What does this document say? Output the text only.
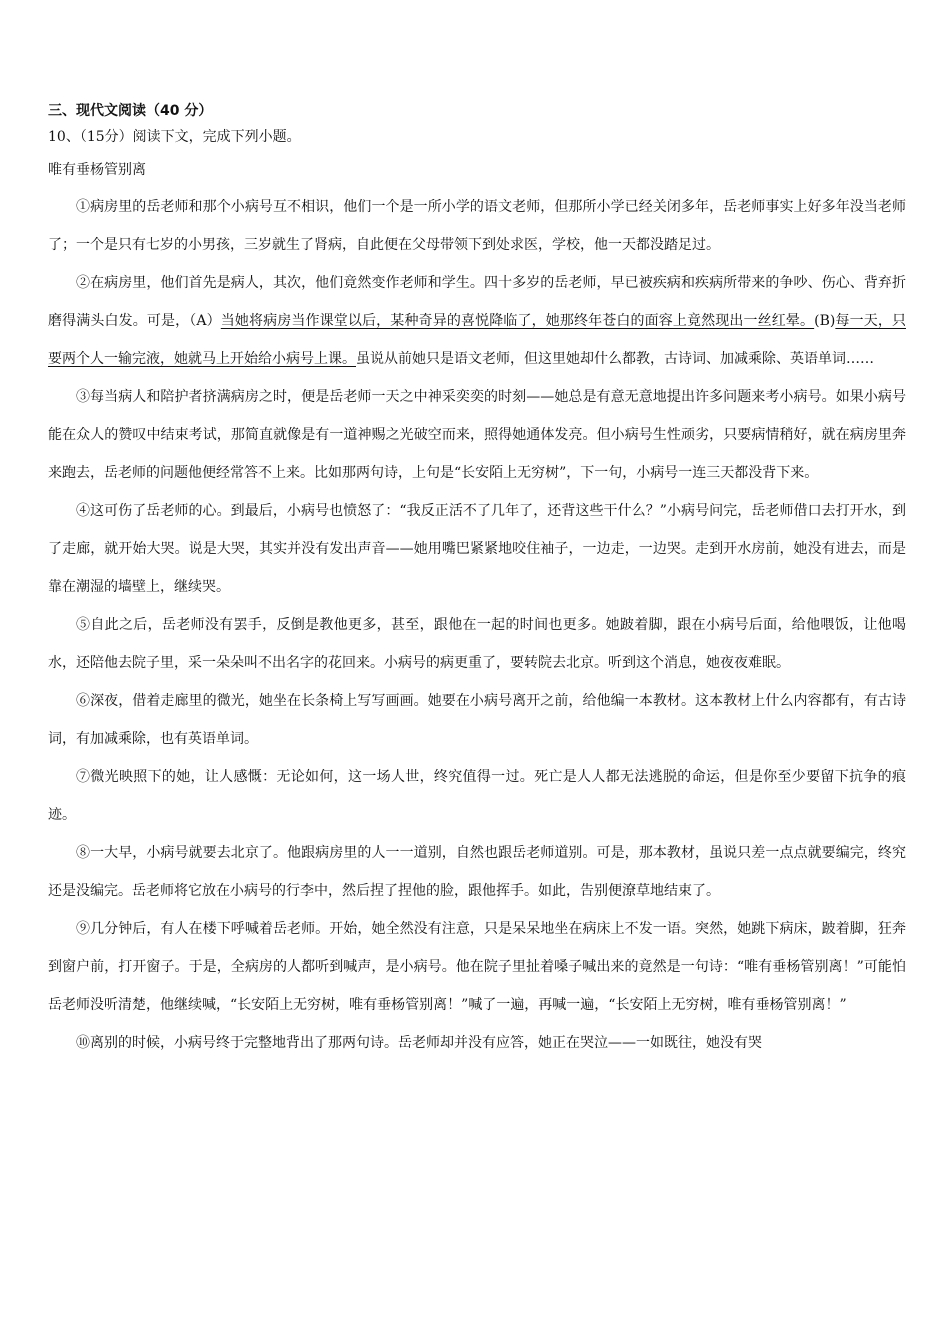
三、现代文阅读（40 分）
10、（15分）阅读下文，完成下列小题。
唯有垂杨管别离

①病房里的岳老师和那个小病号互不相识，他们一个是一所小学的语文老师，但那所小学已经关闭多年，岳老师事实上好多年没当老师了；一个是只有七岁的小男孩，三岁就生了肾病，自此便在父母带领下到处求医，学校，他一天都没踏足过。

②在病房里，他们首先是病人，其次，他们竟然变作老师和学生。四十多岁的岳老师，早已被疾病和疾病所带来的争吵、伤心、背弃折磨得满头白发。可是，（A）当她将病房当作课堂以后，某种奇异的喜悦降临了，她那终年苍白的面容上竟然现出一丝红晕。(B)每一天，只要两个人一输完液，她就马上开始给小病号上课。虽说从前她只是语文老师，但这里她却什么都教，古诗词、加减乘除、英语单词……

③每当病人和陪护者挤满病房之时，便是岳老师一天之中神采奕奕的时刻——她总是有意无意地提出许多问题来考小病号。如果小病号能在众人的赞叹中结束考试，那简直就像是有一道神赐之光破空而来，照得她通体发亮。但小病号生性顽劣，只要病情稍好，就在病房里奔来跑去，岳老师的问题他便经常答不上来。比如那两句诗，上句是“长安陌上无穷树”，下一句，小病号一连三天都没背下来。

④这可伤了岳老师的心。到最后，小病号也愤怒了：“我反正活不了几年了，还背这些干什么？”小病号问完，岳老师借口去打开水，到了走廊，就开始大哭。说是大哭，其实并没有发出声音——她用嘴巴紧紧地咬住袖子，一边走，一边哭。走到开水房前，她没有进去，而是靠在潮湿的墙壁上，继续哭。

⑤自此之后，岳老师没有罢手，反倒是教他更多，甚至，跟他在一起的时间也更多。她跛着脚，跟在小病号后面，给他喂饭，让他喝水，还陪他去院子里，采一朵朵叫不出名字的花回来。小病号的病更重了，要转院去北京。听到这个消息，她夜夜难眠。

⑥深夜，借着走廊里的微光，她坐在长条椅上写写画画。她要在小病号离开之前，给他编一本教材。这本教材上什么内容都有，有古诗词，有加减乘除，也有英语单词。

⑦微光映照下的她，让人感慨：无论如何，这一场人世，终究值得一过。死亡是人人都无法逃脱的命运，但是你至少要留下抗争的痕迹。

⑧一大早，小病号就要去北京了。他跟病房里的人一一道别，自然也跟岳老师道别。可是，那本教材，虽说只差一点点就要编完，终究还是没编完。岳老师将它放在小病号的行李中，然后捏了捏他的脸，跟他挥手。如此，告别便潦草地结束了。

⑨几分钟后，有人在楼下呼喊着岳老师。开始，她全然没有注意，只是呆呆地坐在病床上不发一语。突然，她跳下病床，跛着脚，狂奔到窗户前，打开窗子。于是，全病房的人都听到喊声，是小病号。他在院子里扯着嗓子喊出来的竟然是一句诗：“唯有垂杨管别离！”可能怕岳老师没听清楚，他继续喊，“长安陌上无穷树，唯有垂杨管别离！”喊了一遍，再喊一遍，“长安陌上无穷树，唯有垂杨管别离！”

⑩离别的时候，小病号终于完整地背出了那两句诗。岳老师却并没有应答，她正在哭泣——一如既往，她没有哭
